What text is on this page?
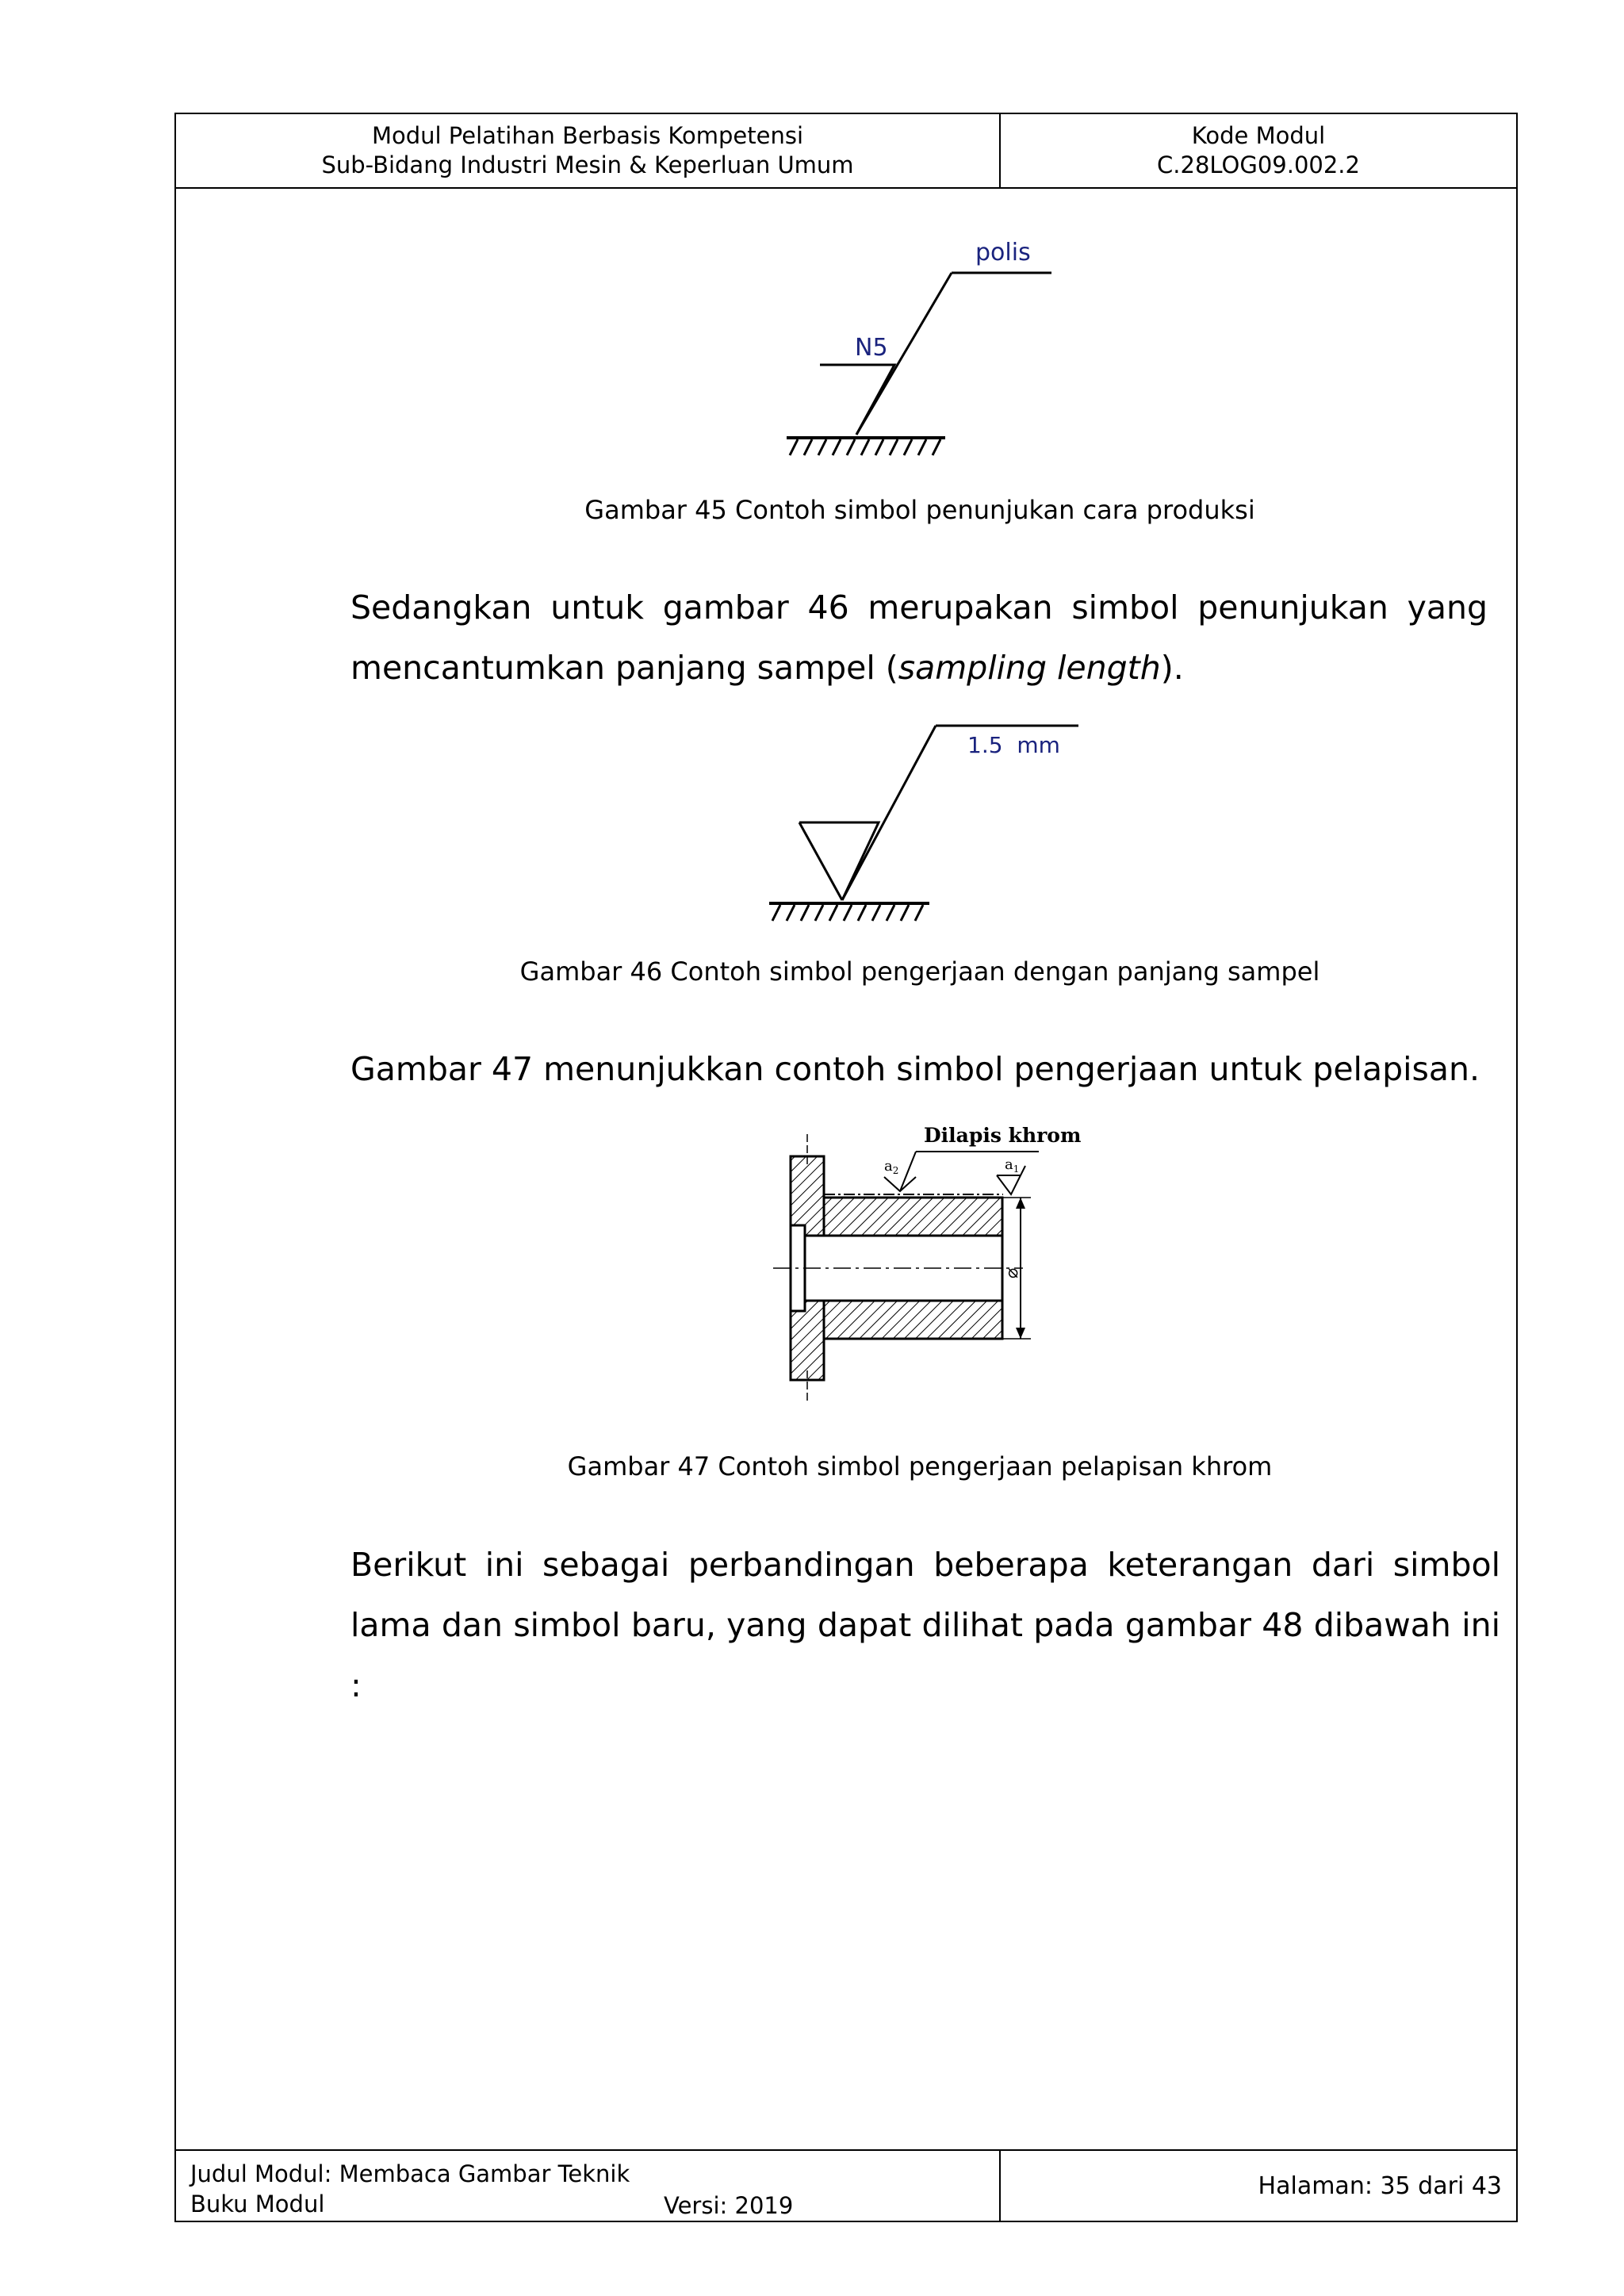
Modul Pelatihan Berbasis Kompetensi
Sub-Bidang Industri Mesin & Keperluan Umum
Kode Modul
C.28LOG09.002.2
Judul Modul: Membaca Gambar Teknik
Buku Modul	Versi: 2019
Halaman: 35 dari 43
polis
N5
Gambar 45 Contoh simbol penunjukan cara produksi
Sedangkan untuk gambar 46 merupakan simbol penunjukan yang mencantumkan panjang sampel (sampling length).
1.5  mm
Gambar 46 Contoh simbol pengerjaan dengan panjang sampel
Gambar 47 menunjukkan contoh simbol pengerjaan untuk pelapisan.
Dilapis khrom
$a_2$	$a_1$
⌀
Gambar 47 Contoh simbol pengerjaan pelapisan khrom
Berikut ini sebagai perbandingan beberapa keterangan dari simbol lama dan simbol baru, yang dapat dilihat pada gambar 48 dibawah ini :
